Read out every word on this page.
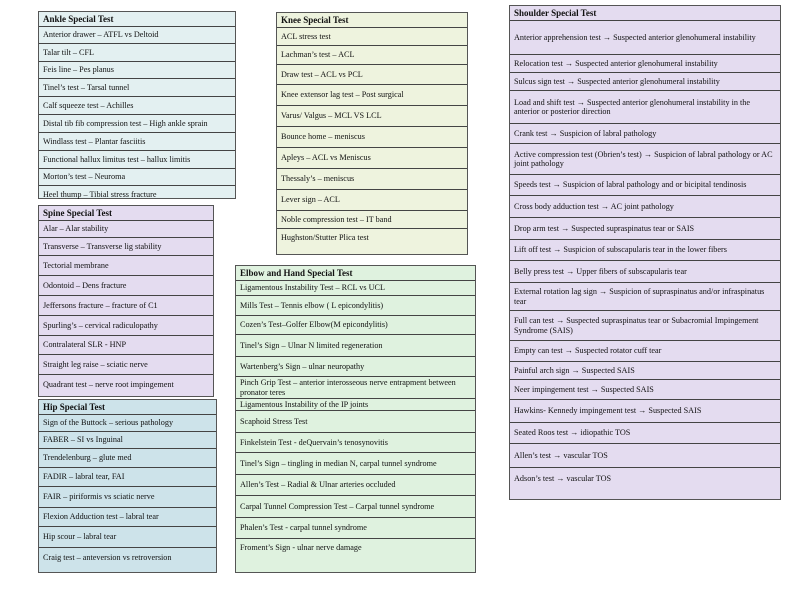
Ankle Special Test
Anterior drawer – ATFL vs Deltoid
Talar tilt – CFL
Feis line – Pes planus
Tinel’s test – Tarsal tunnel
Calf squeeze test – Achilles
Distal tib fib compression test – High ankle sprain
Windlass test – Plantar fasciitis
Functional hallux limitus test – hallux limitis
Morton’s test – Neuroma
Heel thump – Tibial stress fracture
Spine Special Test
Alar – Alar stability
Transverse – Transverse lig stability
Tectorial membrane
Odontoid – Dens fracture
Jeffersons fracture – fracture of C1
Spurling’s – cervical radiculopathy
Contralateral SLR - HNP
Straight leg raise – sciatic nerve
Quadrant test – nerve root impingement
Hip Special Test
Sign of the Buttock – serious pathology
FABER – SI vs Inguinal
Trendelenburg – glute med
FADIR – labral tear, FAI
FAIR – piriformis vs sciatic nerve
Flexion Adduction test – labral tear
Hip scour – labral tear
Craig test – anteversion vs retroversion
Knee Special Test
ACL stress test
Lachman’s test – ACL
Draw test – ACL vs PCL
Knee extensor lag test – Post surgical
Varus/ Valgus – MCL VS LCL
Bounce home – meniscus
Apleys – ACL vs Meniscus
Thessaly’s – meniscus
Lever sign – ACL
Noble compression test – IT band
Hughston/Stutter Plica test
Elbow and Hand Special Test
Ligamentous Instability Test – RCL vs UCL
Mills Test – Tennis elbow ( L epicondylitis)
Cozen’s Test–Golfer Elbow(M epicondylitis)
Tinel’s Sign – Ulnar N limited regeneration
Wartenberg’s Sign – ulnar neuropathy
Pinch Grip Test – anterior interosseous nerve entrapment between pronator teres
Ligamentous Instability of the IP joints
Scaphoid Stress Test
Finkelstein Test - deQuervain’s tenosynovitis
Tinel’s Sign – tingling in median N, carpal tunnel syndrome
Allen’s Test – Radial & Ulnar arteries occluded
Carpal Tunnel Compression Test – Carpal tunnel syndrome
Phalen’s Test - carpal tunnel syndrome
Froment’s Sign - ulnar nerve damage
Shoulder Special Test
Anterior apprehension test → Suspected anterior glenohumeral instability
Relocation test → Suspected anterior glenohumeral instability
Sulcus sign test → Suspected anterior glenohumeral instability
Load and shift test → Suspected anterior glenohumeral instability in the anterior or posterior direction
Crank test → Suspicion of labral pathology
Active compression test (Obrien’s test) → Suspicion of labral pathology or AC joint pathology
Speeds test → Suspicion of labral pathology and or bicipital tendinosis
Cross body adduction test → AC joint pathology
Drop arm test → Suspected supraspinatus tear or SAIS
Lift off test → Suspicion of subscapularis tear in the lower fibers
Belly press test → Upper fibers of subscapularis tear
External rotation lag sign → Suspicion of supraspinatus and/or infraspinatus tear
Full can test → Suspected supraspinatus tear or Subacromial Impingement Syndrome (SAIS)
Empty can test → Suspected rotator cuff tear
Painful arch sign → Suspected SAIS
Neer impingement test → Suspected SAIS
Hawkins- Kennedy impingement test → Suspected SAIS
Seated Roos test → idiopathic TOS
Allen’s test → vascular TOS
Adson’s test → vascular TOS
